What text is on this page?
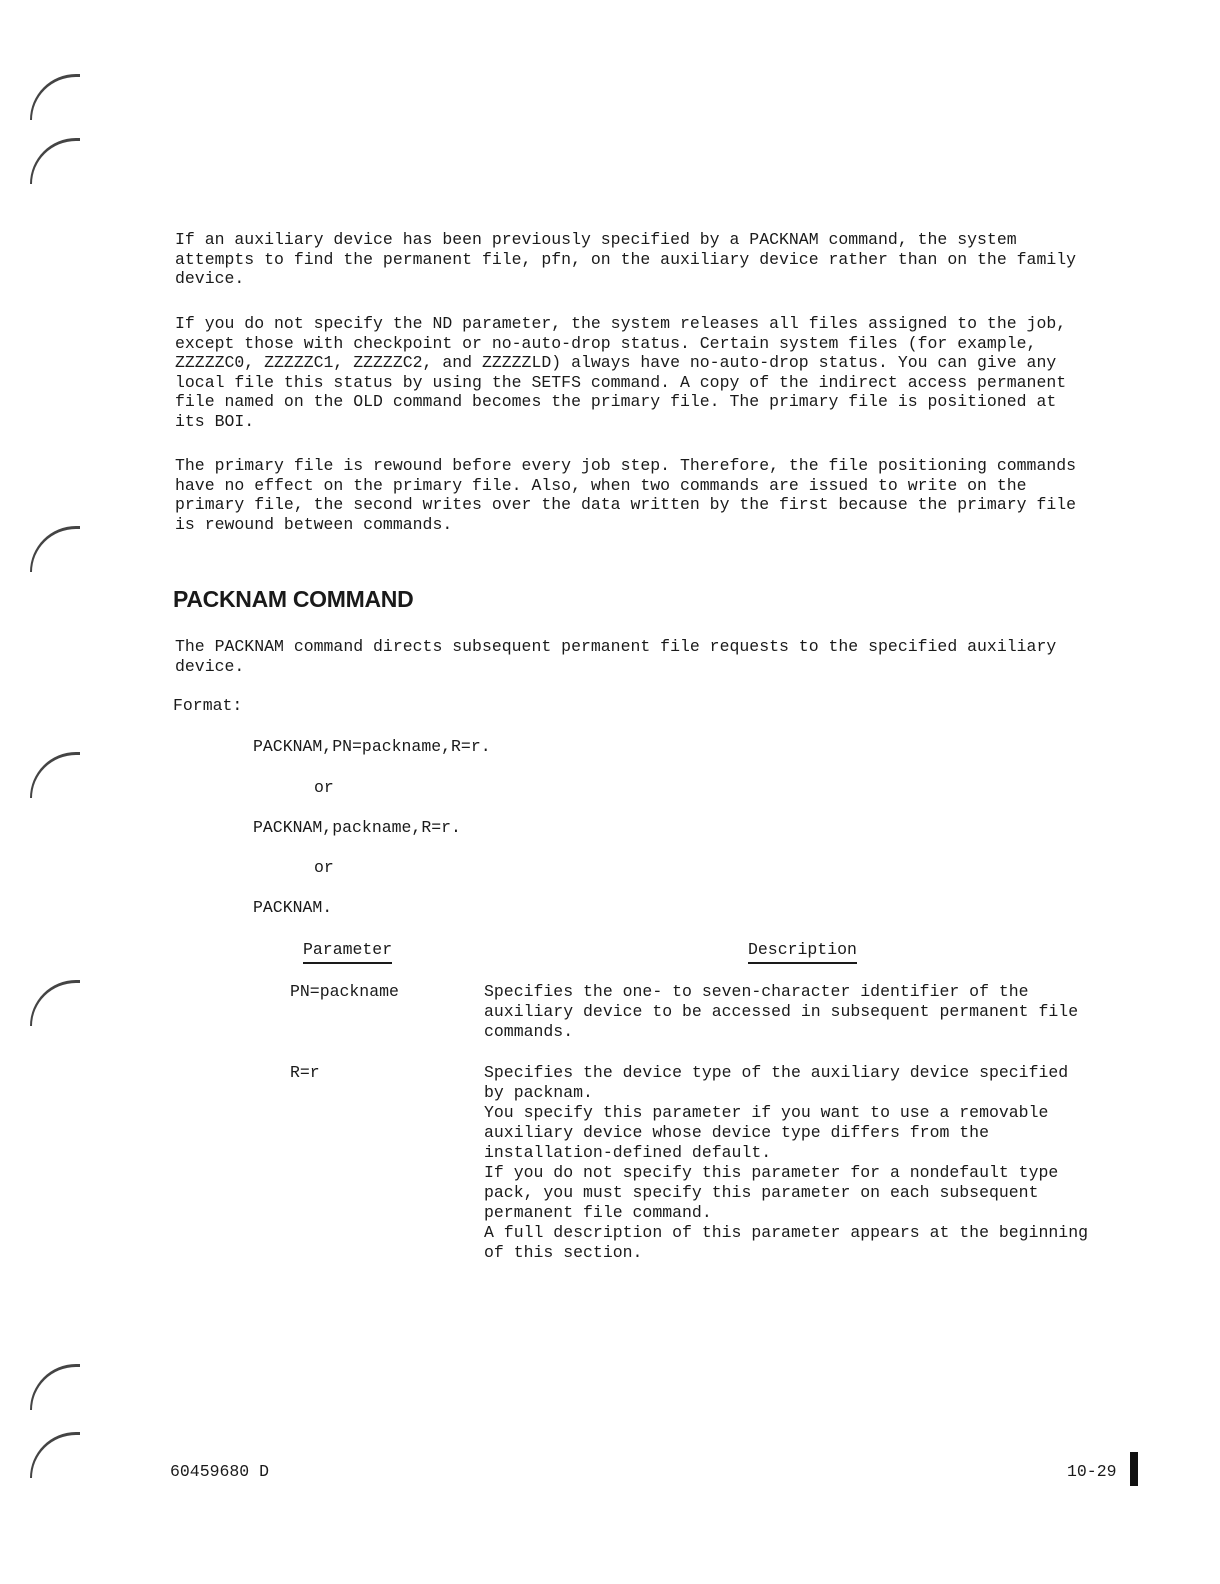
If an auxiliary device has been previously specified by a PACKNAM command, the system
attempts to find the permanent file, pfn, on the auxiliary device rather than on the family
device.

If you do not specify the ND parameter, the system releases all files assigned to the job,
except those with checkpoint or no-auto-drop status. Certain system files (for example,
ZZZZZC0, ZZZZZC1, ZZZZZC2, and ZZZZZLD) always have no-auto-drop status. You can give any
local file this status by using the SETFS command. A copy of the indirect access permanent
file named on the OLD command becomes the primary file. The primary file is positioned at
its BOI.

The primary file is rewound before every job step. Therefore, the file positioning commands
have no effect on the primary file. Also, when two commands are issued to write on the
primary file, the second writes over the data written by the first because the primary file
is rewound between commands.

PACKNAM COMMAND

The PACKNAM command directs subsequent permanent file requests to the specified auxiliary
device.

Format:
PACKNAM,PN=packname,R=r.
or
PACKNAM,packname,R=r.
or
PACKNAM.
Parameter	Description
PN=packname	Specifies the one- to seven-character identifier of the
auxiliary device to be accessed in subsequent permanent file
commands.
R=r	Specifies the device type of the auxiliary device specified
by packnam.
You specify this parameter if you want to use a removable
auxiliary device whose device type differs from the
installation-defined default.
If you do not specify this parameter for a nondefault type
pack, you must specify this parameter on each subsequent
permanent file command.
A full description of this parameter appears at the beginning
of this section.
60459680 D	10-29
